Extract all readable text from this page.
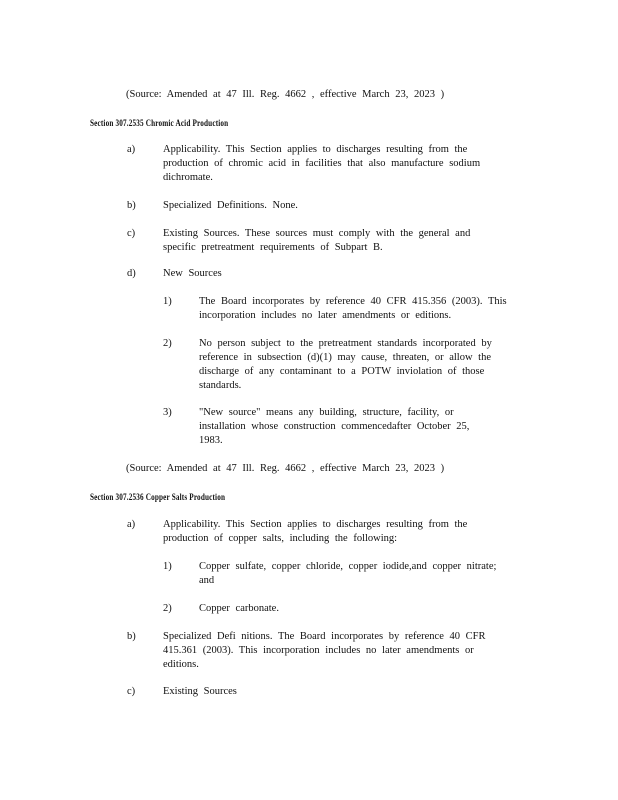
(Source: Amended at 47 Ill. Reg. 4662 , effective March 23, 2023 )
Section 307.2535 Chromic Acid Production
a)	Applicability. This Section applies to discharges resulting from the production of chromic acid in facilities that also manufacture sodium dichromate.
b)	Specialized Definitions. None.
c)	Existing Sources. These sources must comply with the general and specific pretreatment requirements of Subpart B.
d)	New Sources
1)	The Board incorporates by reference 40 CFR 415.356 (2003). This incorporation includes no later amendments or editions.
2)	No person subject to the pretreatment standards incorporated by reference in subsection (d)(1) may cause, threaten, or allow the discharge of any contaminant to a POTW inviolation of those standards.
3)	"New source" means any building, structure, facility, or installation whose construction commencedafter October 25, 1983.
(Source: Amended at 47 Ill. Reg. 4662 , effective March 23, 2023 )
Section 307.2536 Copper Salts Production
a)	Applicability. This Section applies to discharges resulting from the production of copper salts, including the following:
1)	Copper sulfate, copper chloride, copper iodide,and copper nitrate; and
2)	Copper carbonate.
b)	Specialized Defi nitions. The Board incorporates by reference 40 CFR 415.361 (2003). This incorporation includes no later amendments or editions.
c)	Existing Sources
